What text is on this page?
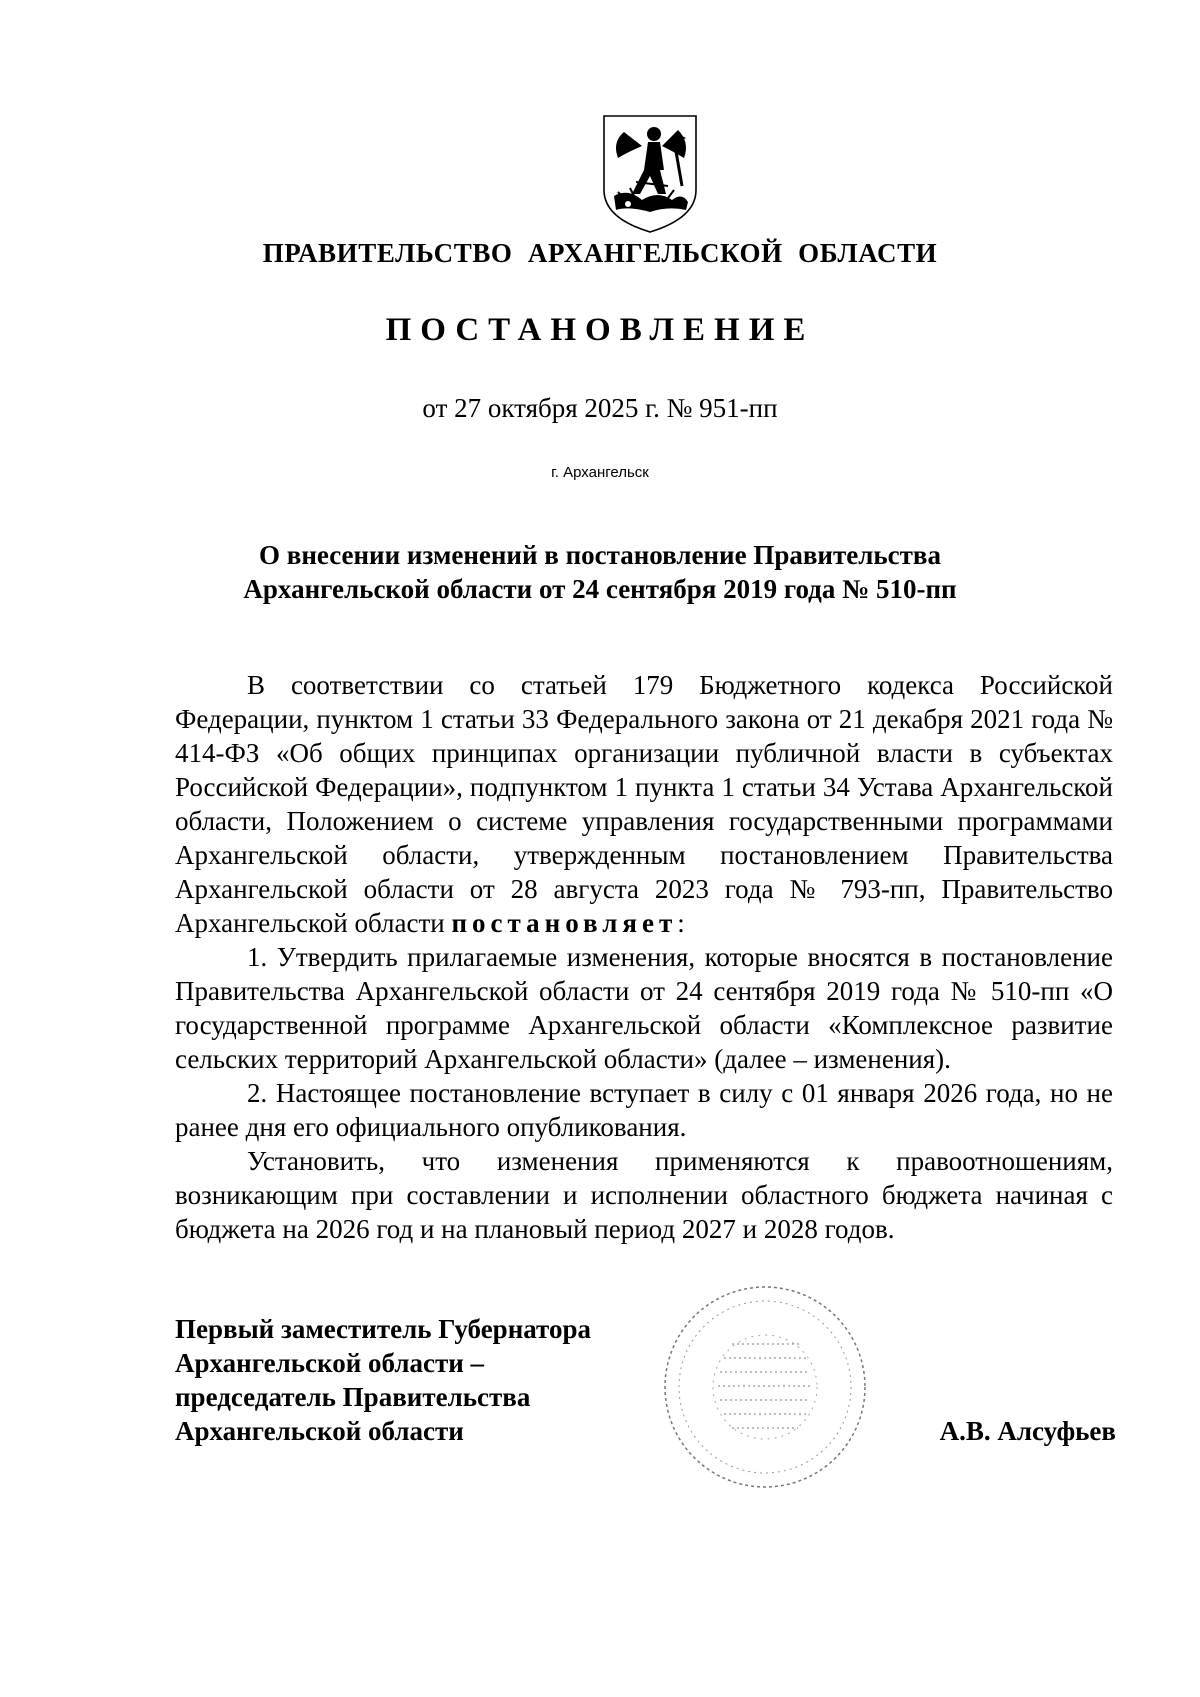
ПРАВИТЕЛЬСТВО АРХАНГЕЛЬСКОЙ ОБЛАСТИ
ПОСТАНОВЛЕНИЕ
от 27 октября 2025 г. № 951-пп
г. Архангельск
О внесении изменений в постановление Правительства
Архангельской области от 24 сентября 2019 года № 510-пп

В соответствии со статьей 179 Бюджетного кодекса Российской Федерации, пунктом 1 статьи 33 Федерального закона от 21 декабря 2021 года № 414-ФЗ «Об общих принципах организации публичной власти в субъектах Российской Федерации», подпунктом 1 пункта 1 статьи 34 Устава Архангельской области, Положением о системе управления государственными программами Архангельской области, утвержденным постановлением Правительства Архангельской области от 28 августа 2023 года № 793-пп, Правительство Архангельской области постановляет:

1. Утвердить прилагаемые изменения, которые вносятся в постановление Правительства Архангельской области от 24 сентября 2019 года № 510-пп «О государственной программе Архангельской области «Комплексное развитие сельских территорий Архангельской области» (далее – изменения).

2. Настоящее постановление вступает в силу с 01 января 2026 года, но не ранее дня его официального опубликования.

Установить, что изменения применяются к правоотношениям, возникающим при составлении и исполнении областного бюджета начиная с бюджета на 2026 год и на плановый период 2027 и 2028 годов.

Первый заместитель Губернатора
Архангельской области –
председатель Правительства
Архангельской области	А.В. Алсуфьев
